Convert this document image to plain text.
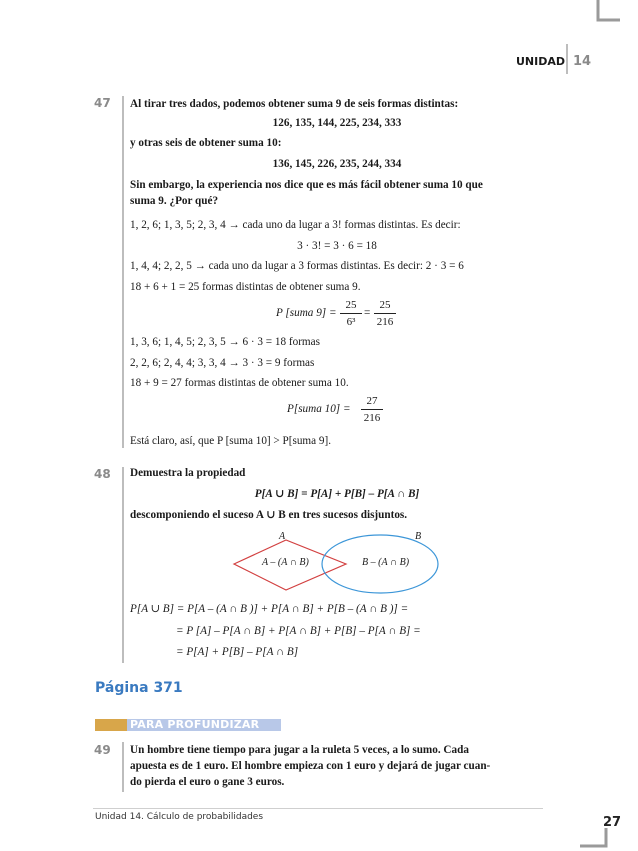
UNIDAD 14
47 Al tirar tres dados, podemos obtener suma 9 de seis formas distintas:
126, 135, 144, 225, 234, 333
y otras seis de obtener suma 10:
136, 145, 226, 235, 244, 334
Sin embargo, la experiencia nos dice que es más fácil obtener suma 10 que
suma 9. ¿Por qué?
1, 2, 6; 1, 3, 5; 2, 3, 4 → cada uno da lugar a 3! formas distintas. Es decir:
3 · 3! = 3 · 6 = 18
1, 4, 4; 2, 2, 5 → cada uno da lugar a 3 formas distintas. Es decir: 2 · 3 = 6
18 + 6 + 1 = 25 formas distintas de obtener suma 9.
P [suma 9] =
25
6³
=
25
216
1, 3, 6; 1, 4, 5; 2, 3, 5 → 6 · 3 = 18 formas
2, 2, 6; 2, 4, 4; 3, 3, 4 → 3 · 3 = 9 formas
18 + 9 = 27 formas distintas de obtener suma 10.
P[suma 10] =
27
216
Está claro, así, que P [suma 10] > P[suma 9].
48 Demuestra la propiedad
P[A ∪ B] = P[A] + P[B] – P[A ∩ B]
descomponiendo el suceso A ∪ B en tres sucesos disjuntos.
A	B
A – (A ∩ B)	B – (A ∩ B)
P[A ∪ B] = P[A – (A ∩ B )] + P[A ∩ B] + P[B – (A ∩ B )] =
= P [A] – P[A ∩ B] + P[A ∩ B] + P[B] – P[A ∩ B] =
= P[A] + P[B] – P[A ∩ B]
Página 371
PARA PROFUNDIZAR
49 Un hombre tiene tiempo para jugar a la ruleta 5 veces, a lo sumo. Cada
apuesta es de 1 euro. El hombre empieza con 1 euro y dejará de jugar cuan-
do pierda el euro o gane 3 euros.
Unidad 14. Cálculo de probabilidades	27
